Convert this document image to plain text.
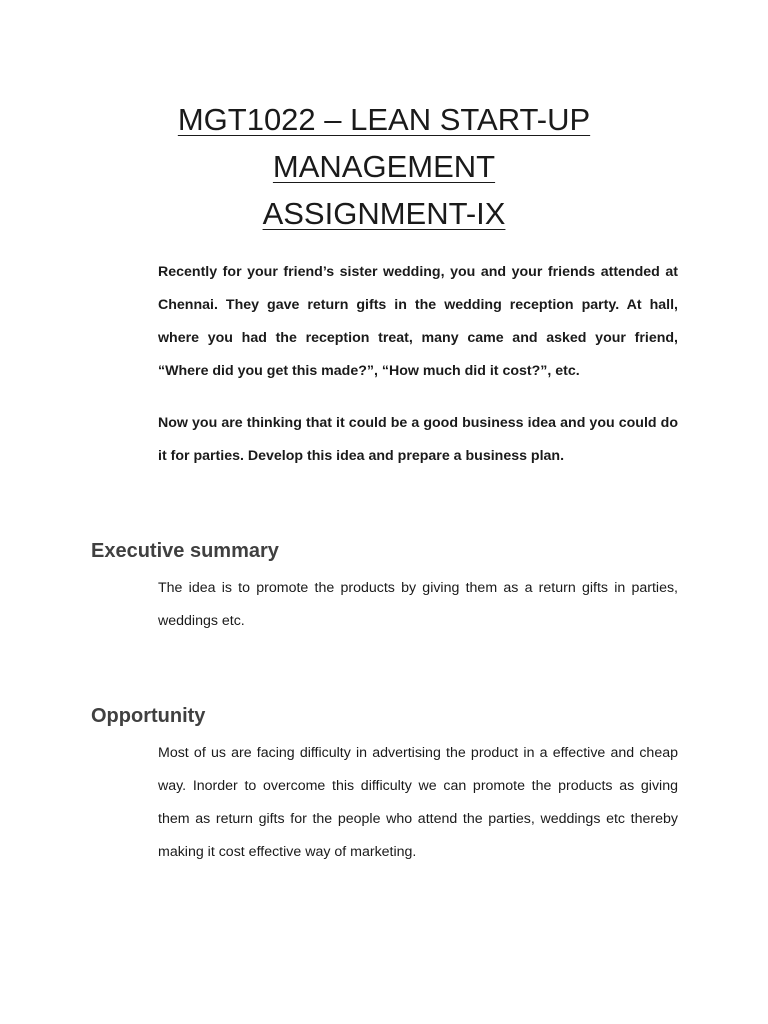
MGT1022 – LEAN START-UP
MANAGEMENT
ASSIGNMENT-IX

Recently for your friend’s sister wedding, you and your friends attended at Chennai. They gave return gifts in the wedding reception party. At hall, where you had the reception treat, many came and asked your friend, “Where did you get this made?”, “How much did it cost?”, etc.

Now you are thinking that it could be a good business idea and you could do it for parties. Develop this idea and prepare a business plan.

Executive summary

The idea is to promote the products by giving them as a return gifts in parties, weddings etc.

Opportunity

Most of us are facing difficulty in advertising the product in a effective and cheap way. Inorder to overcome this difficulty we can promote the products as giving them as return gifts for the people who attend the parties, weddings etc thereby making it cost effective way of marketing.
